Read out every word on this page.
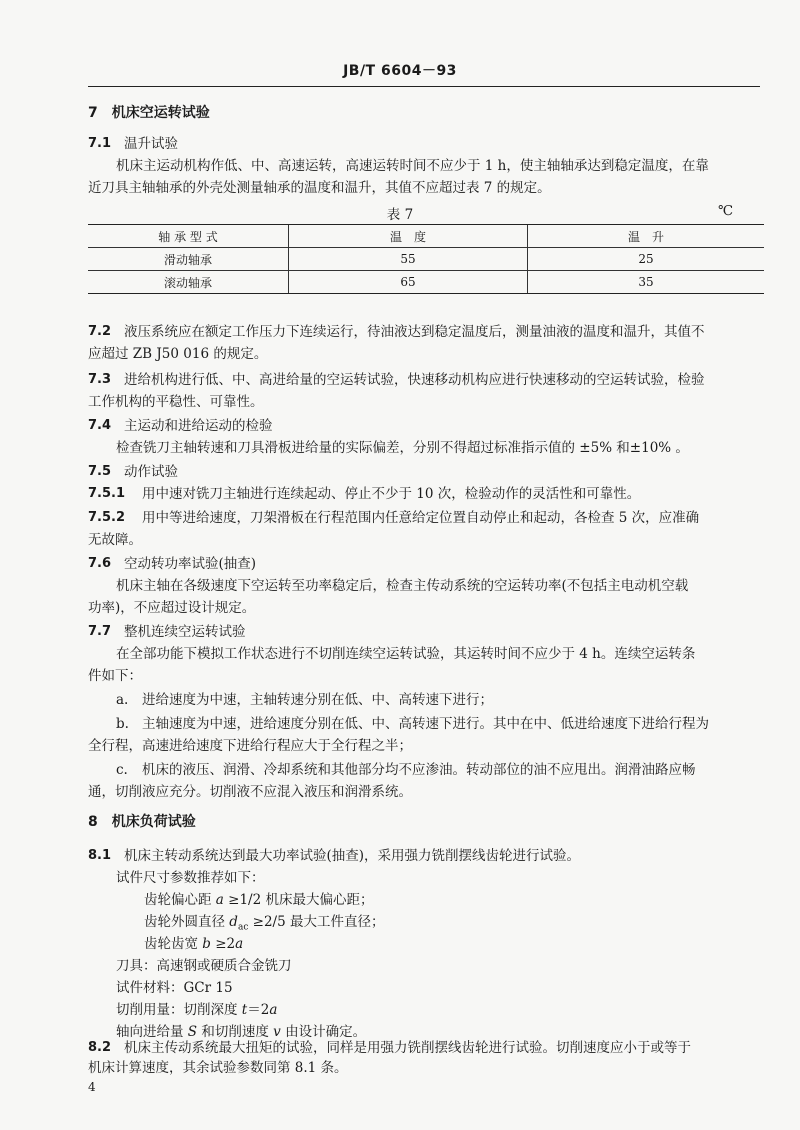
JB/T 6604－93
7　机床空运转试验
7.1 温升试验
机床主运动机构作低、中、高速运转，高速运转时间不应少于 1 h，使主轴轴承达到稳定温度，在靠
近刀具主轴轴承的外壳处测量轴承的温度和温升，其值不应超过表 7 的规定。
表 7	℃
轴 承 型 式	温　度	温　升
滑动轴承	55	25
滚动轴承	65	35
7.2 液压系统应在额定工作压力下连续运行，待油液达到稳定温度后，测量油液的温度和温升，其值不
应超过 ZB J50 016 的规定。
7.3 进给机构进行低、中、高进给量的空运转试验，快速移动机构应进行快速移动的空运转试验，检验
工作机构的平稳性、可靠性。
7.4 主运动和进给运动的检验
检查铣刀主轴转速和刀具滑板进给量的实际偏差，分别不得超过标准指示值的 ±5% 和±10% 。
7.5 动作试验
7.5.1 用中速对铣刀主轴进行连续起动、停止不少于 10 次，检验动作的灵活性和可靠性。
7.5.2 用中等进给速度，刀架滑板在行程范围内任意给定位置自动停止和起动，各检查 5 次，应准确
无故障。
7.6 空动转功率试验(抽查)
机床主轴在各级速度下空运转至功率稳定后，检查主传动系统的空运转功率(不包括主电动机空载
功率)，不应超过设计规定。
7.7 整机连续空运转试验
在全部功能下模拟工作状态进行不切削连续空运转试验，其运转时间不应少于 4 h。连续空运转条
件如下：
a. 进给速度为中速，主轴转速分别在低、中、高转速下进行；
b. 主轴速度为中速，进给速度分别在低、中、高转速下进行。其中在中、低进给速度下进给行程为
全行程，高速进给速度下进给行程应大于全行程之半；
c. 机床的液压、润滑、冷却系统和其他部分均不应渗油。转动部位的油不应甩出。润滑油路应畅
通，切削液应充分。切削液不应混入液压和润滑系统。
8　机床负荷试验
8.1 机床主转动系统达到最大功率试验(抽查)，采用强力铣削摆线齿轮进行试验。
试件尺寸参数推荐如下：
齿轮偏心距 a ≥1/2 机床最大偏心距；
齿轮外圆直径 $d_{ac} \ge 2/5$ 最大工件直径；
齿轮齿宽 b ≥2a
刀具：高速钢或硬质合金铣刀
试件材料：GCr 15
切削用量：切削深度 t＝2a
轴向进给量 S 和切削速度 v 由设计确定。
8.2 机床主传动系统最大扭矩的试验，同样是用强力铣削摆线齿轮进行试验。切削速度应小于或等于
机床计算速度，其余试验参数同第 8.1 条。
4
